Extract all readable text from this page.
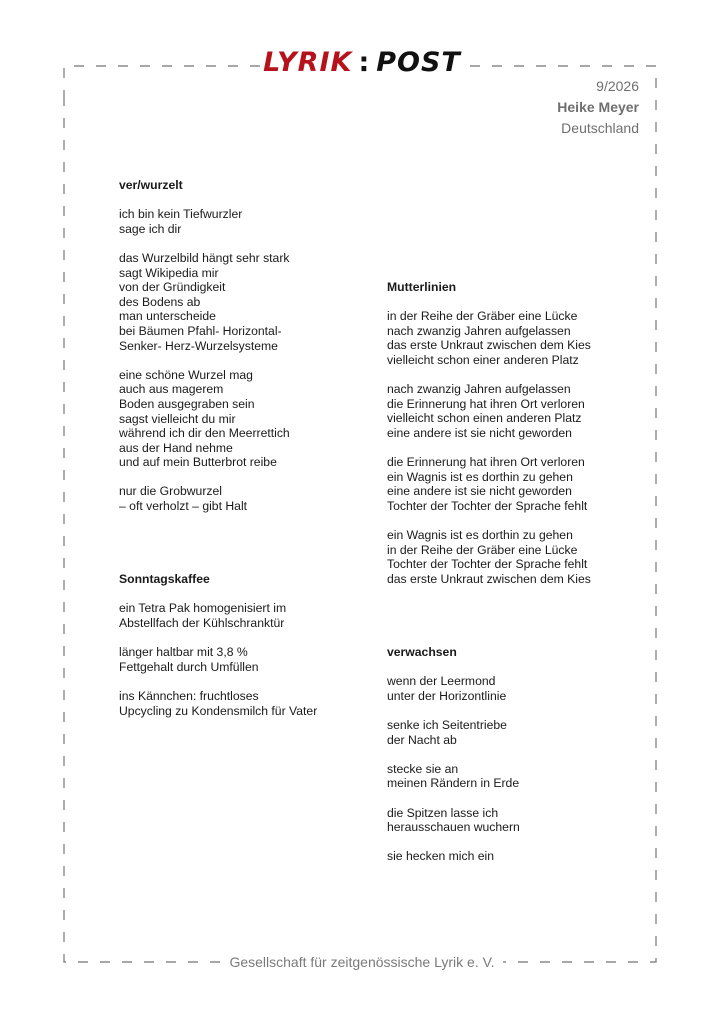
LYRIK : POST
9/2026
Heike Meyer
Deutschland
ver/wurzelt
ich bin kein Tiefwurzler
sage ich dir
das Wurzelbild hängt sehr stark
sagt Wikipedia mir
von der Gründigkeit
des Bodens ab
man unterscheide
bei Bäumen Pfahl- Horizontal-
Senker- Herz-Wurzelsysteme
eine schöne Wurzel mag
auch aus magerem
Boden ausgegraben sein
sagst vielleicht du mir
während ich dir den Meerrettich
aus der Hand nehme
und auf mein Butterbrot reibe
nur die Grobwurzel
– oft verholzt – gibt Halt
Sonntagskaffee
ein Tetra Pak homogenisiert im
Abstellfach der Kühlschranktür
länger haltbar mit 3,8 %
Fettgehalt durch Umfüllen
ins Kännchen: fruchtloses
Upcycling zu Kondensmilch für Vater
Mutterlinien
in der Reihe der Gräber eine Lücke
nach zwanzig Jahren aufgelassen
das erste Unkraut zwischen dem Kies
vielleicht schon einer anderen Platz
nach zwanzig Jahren aufgelassen
die Erinnerung hat ihren Ort verloren
vielleicht schon einen anderen Platz
eine andere ist sie nicht geworden
die Erinnerung hat ihren Ort verloren
ein Wagnis ist es dorthin zu gehen
eine andere ist sie nicht geworden
Tochter der Tochter der Sprache fehlt
ein Wagnis ist es dorthin zu gehen
in der Reihe der Gräber eine Lücke
Tochter der Tochter der Sprache fehlt
das erste Unkraut zwischen dem Kies
verwachsen
wenn der Leermond
unter der Horizontlinie
senke ich Seitentriebe
der Nacht ab
stecke sie an
meinen Rändern in Erde
die Spitzen lasse ich
herausschauen wuchern
sie hecken mich ein
Gesellschaft für zeitgenössische Lyrik e. V.
